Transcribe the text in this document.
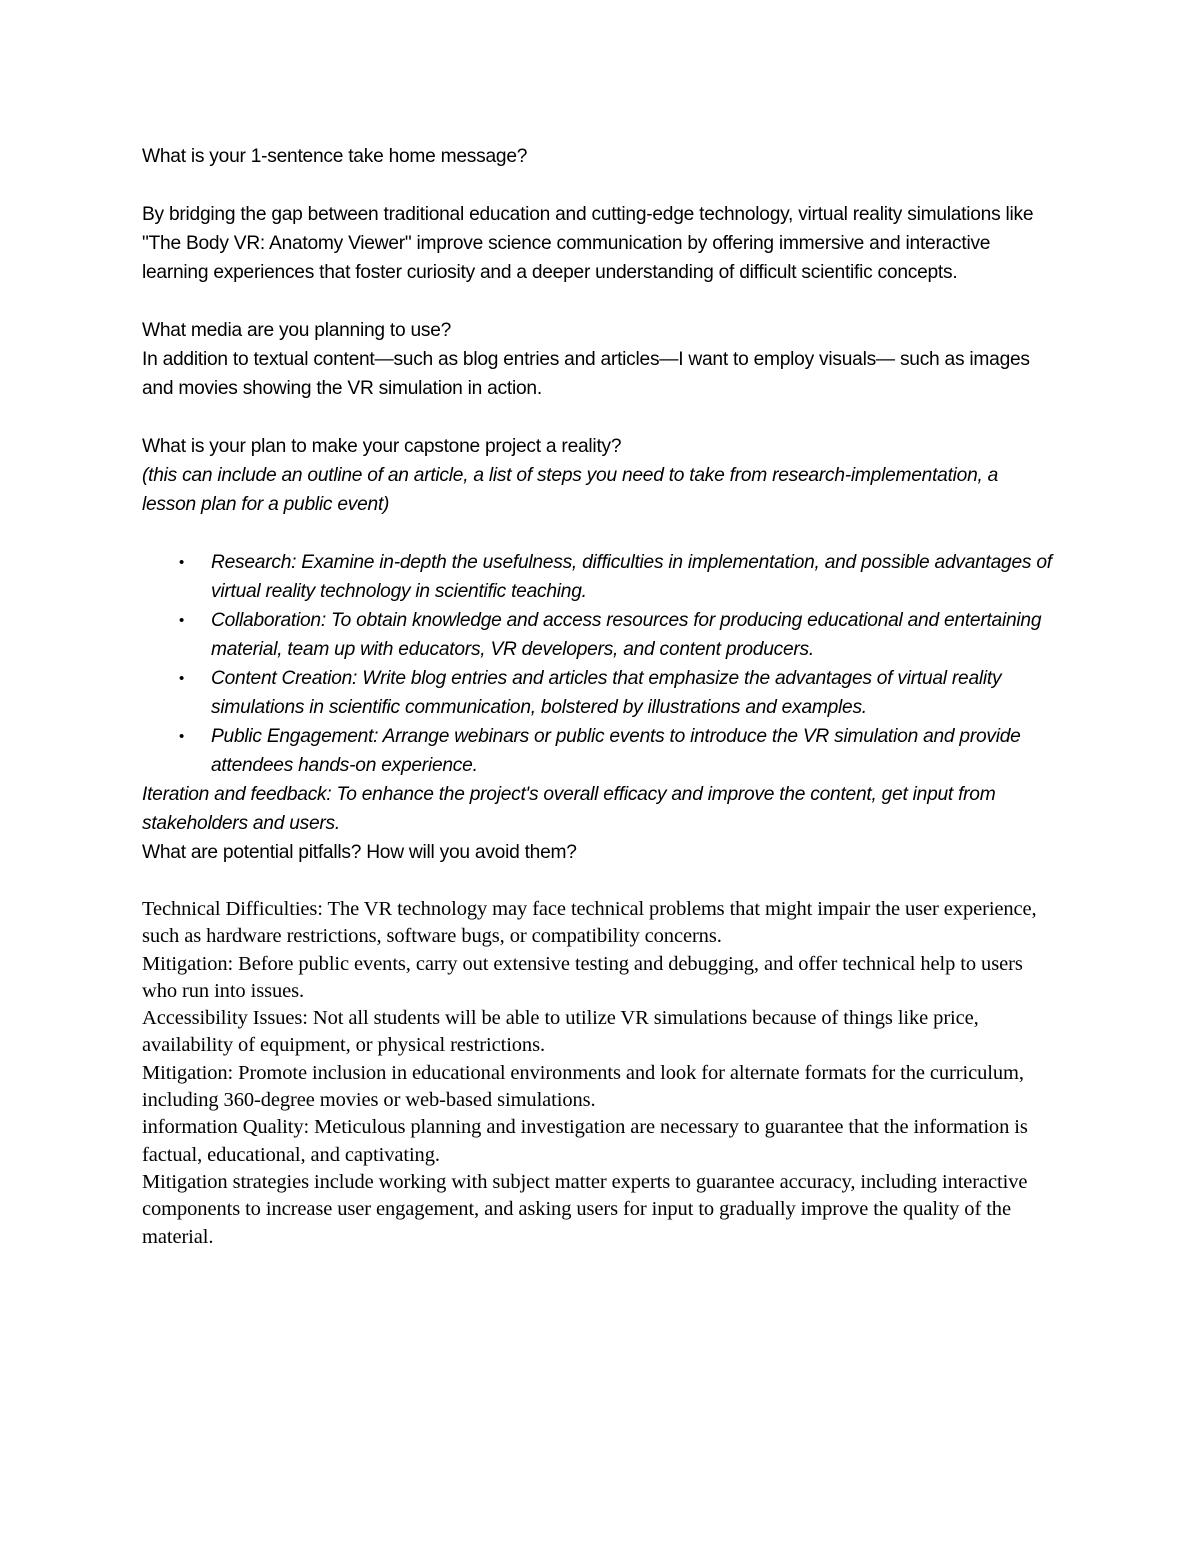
What is your 1-sentence take home message?

By bridging the gap between traditional education and cutting-edge technology, virtual reality simulations like "The Body VR: Anatomy Viewer" improve science communication by offering immersive and interactive learning experiences that foster curiosity and a deeper understanding of difficult scientific concepts.

What media are you planning to use?

In addition to textual content—such as blog entries and articles—I want to employ visuals— such as images and movies showing the VR simulation in action.

What is your plan to make your capstone project a reality?

(this can include an outline of an article, a list of steps you need to take from research-implementation, a lesson plan for a public event)

• Research: Examine in-depth the usefulness, difficulties in implementation, and possible advantages of virtual reality technology in scientific teaching.
• Collaboration: To obtain knowledge and access resources for producing educational and entertaining material, team up with educators, VR developers, and content producers.
• Content Creation: Write blog entries and articles that emphasize the advantages of virtual reality simulations in scientific communication, bolstered by illustrations and examples.
• Public Engagement: Arrange webinars or public events to introduce the VR simulation and provide attendees hands-on experience.

Iteration and feedback: To enhance the project's overall efficacy and improve the content, get input from stakeholders and users.

What are potential pitfalls? How will you avoid them?

Technical Difficulties: The VR technology may face technical problems that might impair the user experience, such as hardware restrictions, software bugs, or compatibility concerns.

Mitigation: Before public events, carry out extensive testing and debugging, and offer technical help to users who run into issues.

Accessibility Issues: Not all students will be able to utilize VR simulations because of things like price, availability of equipment, or physical restrictions.

Mitigation: Promote inclusion in educational environments and look for alternate formats for the curriculum, including 360-degree movies or web-based simulations.

information Quality: Meticulous planning and investigation are necessary to guarantee that the information is factual, educational, and captivating.

Mitigation strategies include working with subject matter experts to guarantee accuracy, including interactive components to increase user engagement, and asking users for input to gradually improve the quality of the material.
